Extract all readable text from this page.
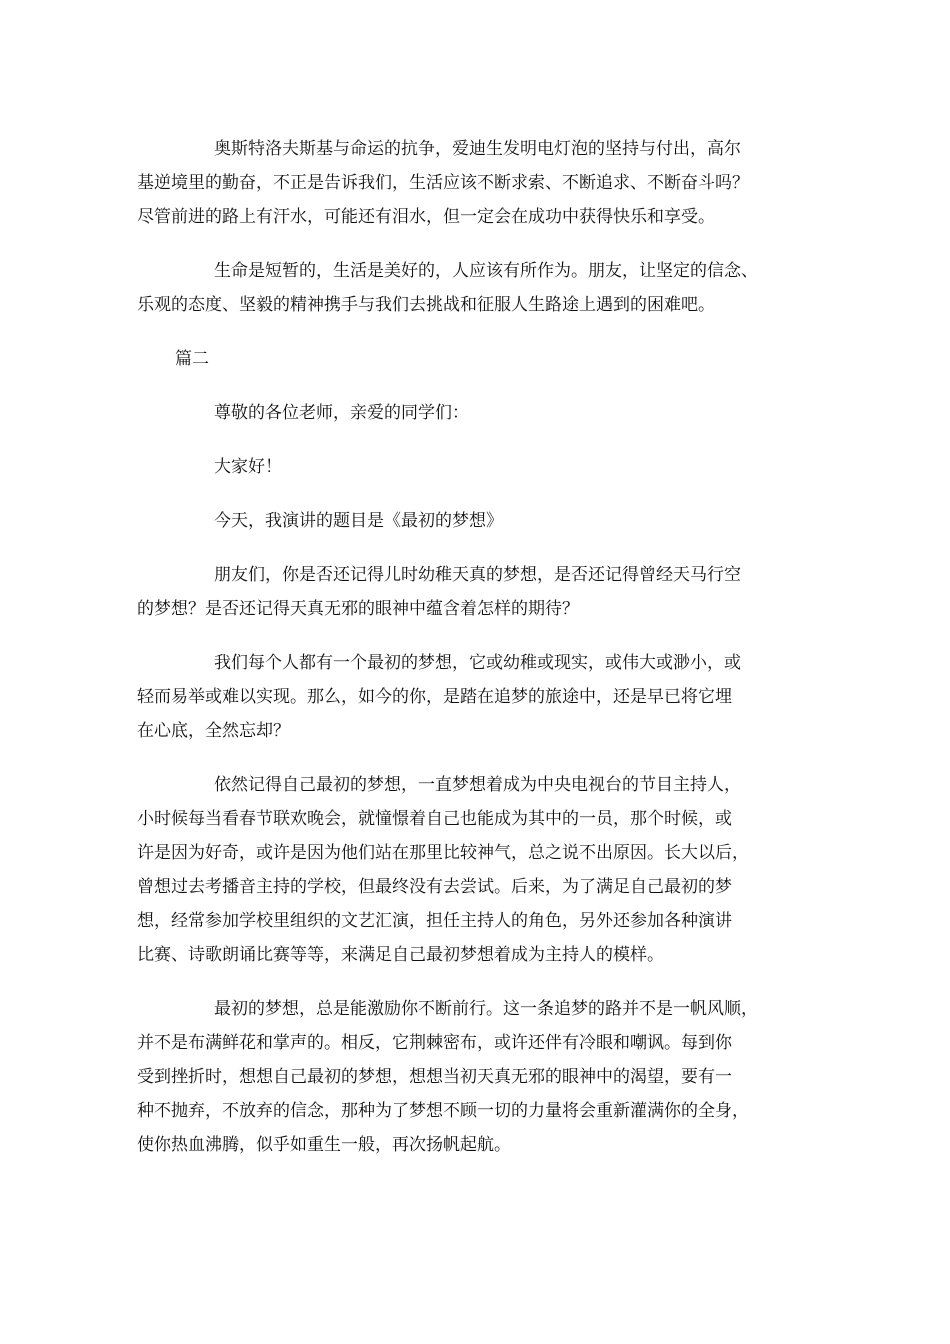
奥斯特洛夫斯基与命运的抗争，爱迪生发明电灯泡的坚持与付出，高尔
基逆境里的勤奋，不正是告诉我们，生活应该不断求索、不断追求、不断奋斗吗？
尽管前进的路上有汗水，可能还有泪水，但一定会在成功中获得快乐和享受。
生命是短暂的，生活是美好的，人应该有所作为。朋友，让坚定的信念、
乐观的态度、坚毅的精神携手与我们去挑战和征服人生路途上遇到的困难吧。
篇二
尊敬的各位老师，亲爱的同学们：
大家好！
今天，我演讲的题目是《最初的梦想》
朋友们，你是否还记得儿时幼稚天真的梦想，是否还记得曾经天马行空
的梦想？是否还记得天真无邪的眼神中蕴含着怎样的期待？
我们每个人都有一个最初的梦想，它或幼稚或现实，或伟大或渺小，或
轻而易举或难以实现。那么，如今的你，是踏在追梦的旅途中，还是早已将它埋
在心底，全然忘却？
依然记得自己最初的梦想，一直梦想着成为中央电视台的节目主持人，
小时候每当看春节联欢晚会，就憧憬着自己也能成为其中的一员，那个时候，或
许是因为好奇，或许是因为他们站在那里比较神气，总之说不出原因。长大以后，
曾想过去考播音主持的学校，但最终没有去尝试。后来，为了满足自己最初的梦
想，经常参加学校里组织的文艺汇演，担任主持人的角色，另外还参加各种演讲
比赛、诗歌朗诵比赛等等，来满足自己最初梦想着成为主持人的模样。
最初的梦想，总是能激励你不断前行。这一条追梦的路并不是一帆风顺，
并不是布满鲜花和掌声的。相反，它荆棘密布，或许还伴有冷眼和嘲讽。每到你
受到挫折时，想想自己最初的梦想，想想当初天真无邪的眼神中的渴望，要有一
种不抛弃，不放弃的信念，那种为了梦想不顾一切的力量将会重新灌满你的全身，
使你热血沸腾，似乎如重生一般，再次扬帆起航。
